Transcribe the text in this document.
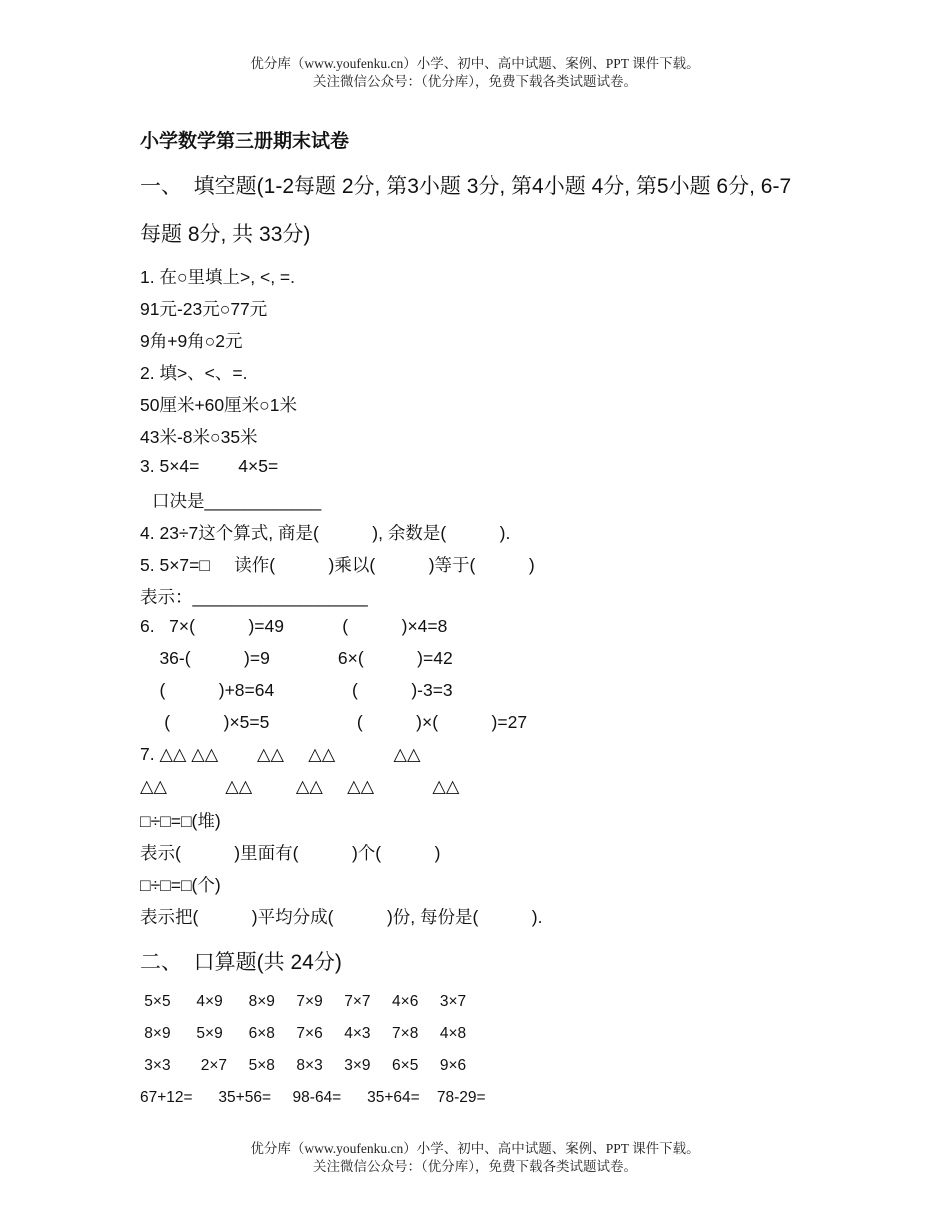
优分库（www.youfenku.cn）小学、初中、高中试题、案例、PPT 课件下载。
关注微信公众号：（优分库），免费下载各类试题试卷。
小学数学第三册期末试卷
一、  填空题(1-2每题 2分, 第3小题 3分, 第4小题 4分, 第5小题 6分, 6-7
每题 8分, 共 33分)
1. 在○里填上>, <, =.
91元-23元○77元
9角+9角○2元
2. 填>、<、=.
50厘米+60厘米○1米
43米-8米○35米
3. 5×4=        4×5=
口决是____________
4. 23÷7这个算式, 商是(           ), 余数是(           ).
5. 5×7=□     读作(           )乘以(           )等于(           )
表示：__________________
6.   7×(           )=49            (           )×4=8
36-(           )=9              6×(           )=42
(           )+8=64                (           )-3=3
(           )×5=5                  (           )×(           )=27
7. △△ △△        △△     △△            △△
△△            △△         △△     △△            △△
□÷□=□(堆)
表示(           )里面有(           )个(           )
□÷□=□(个)
表示把(           )平均分成(           )份, 每份是(           ).
二、  口算题(共 24分)
5×5      4×9      8×9     7×9     7×7     4×6     3×7
8×9      5×9      6×8     7×6     4×3     7×8     4×8
3×3       2×7     5×8     8×3     3×9     6×5     9×6
67+12=      35+56=     98-64=      35+64=    78-29=
优分库（www.youfenku.cn）小学、初中、高中试题、案例、PPT 课件下载。
关注微信公众号：（优分库），免费下载各类试题试卷。
